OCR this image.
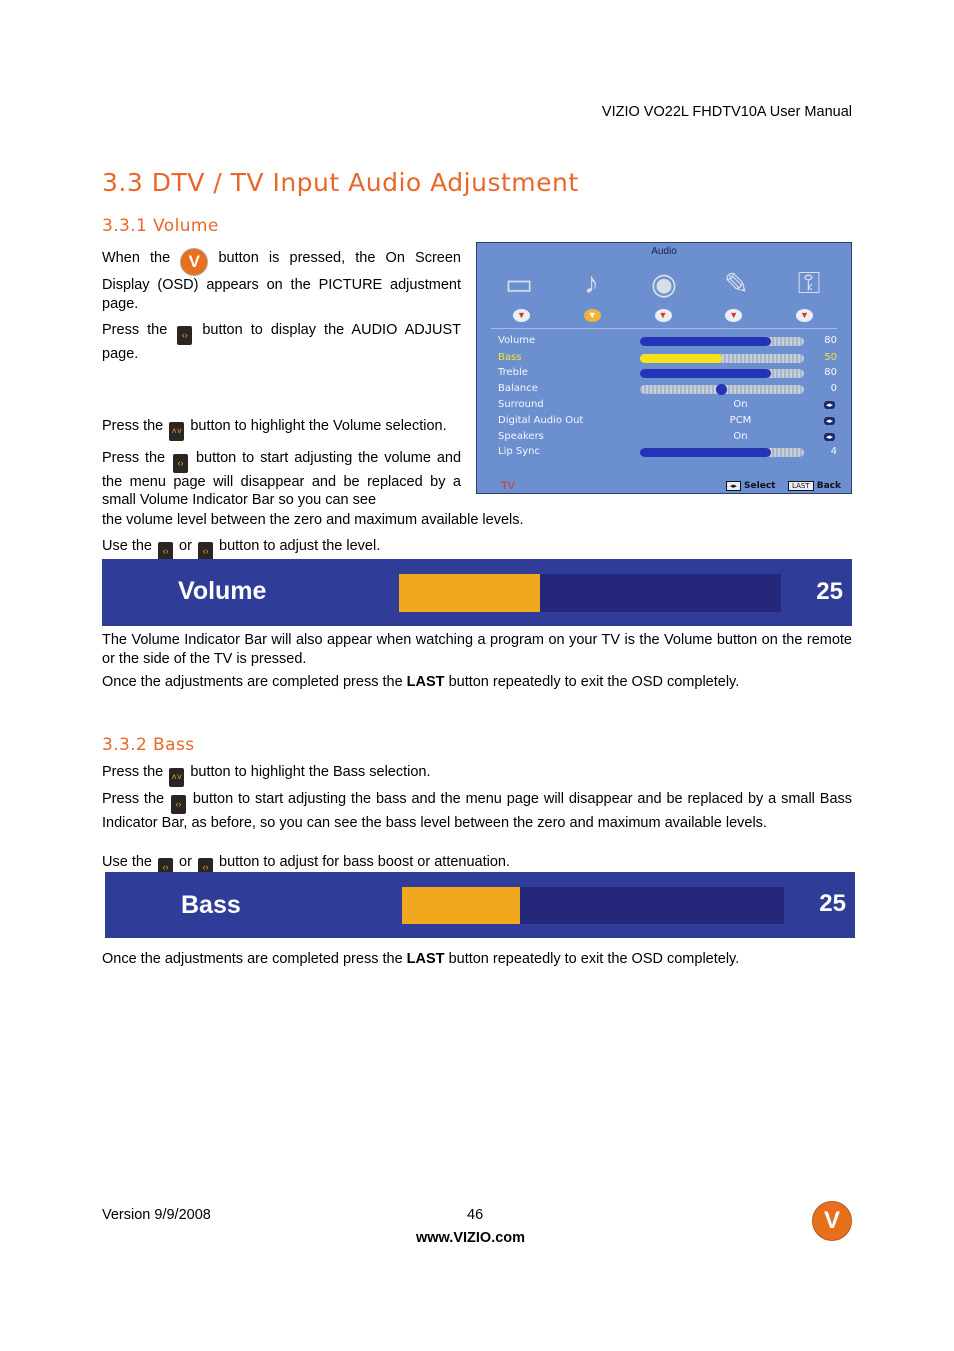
VIZIO VO22L FHDTV10A User Manual
3.3 DTV / TV Input Audio Adjustment
3.3.1 Volume

When the V button is pressed, the On Screen Display (OSD) appears on the PICTURE adjustment page.

Press the ‹› button to display the AUDIO ADJUST page.

Press the ˄˅ button to highlight the Volume selection.

Press the ‹› button to start adjusting the volume and the menu page will disappear and be replaced by a small Volume Indicator Bar so you can see

the volume level between the zero and maximum available levels.

Use the ‹› or ‹› button to adjust the level.

Audio
▭	♪	◉	✎	⚿
▼	▼	▼	▼	▼
Volume	80
Bass	50
Treble	80
Balance	0
Surround	On	◂▸
Digital Audio Out	PCM	◂▸
Speakers	On	◂▸
Lip Sync	4
TV	◂▸ Select LAST Back
Volume	25

The Volume Indicator Bar will also appear when watching a program on your TV is the Volume button on the remote or the side of the TV is pressed.

Once the adjustments are completed press the LAST button repeatedly to exit the OSD completely.

3.3.2 Bass

Press the ˄˅ button to highlight the Bass selection.

Press the ‹› button to start adjusting the bass and the menu page will disappear and be replaced by a small Bass Indicator Bar, as before, so you can see the bass level between the zero and maximum available levels.

Use the ‹› or ‹› button to adjust for bass boost or attenuation.

Bass	25

Once the adjustments are completed press the LAST button repeatedly to exit the OSD completely.

Version 9/9/2008	46
www.VIZIO.com
V
